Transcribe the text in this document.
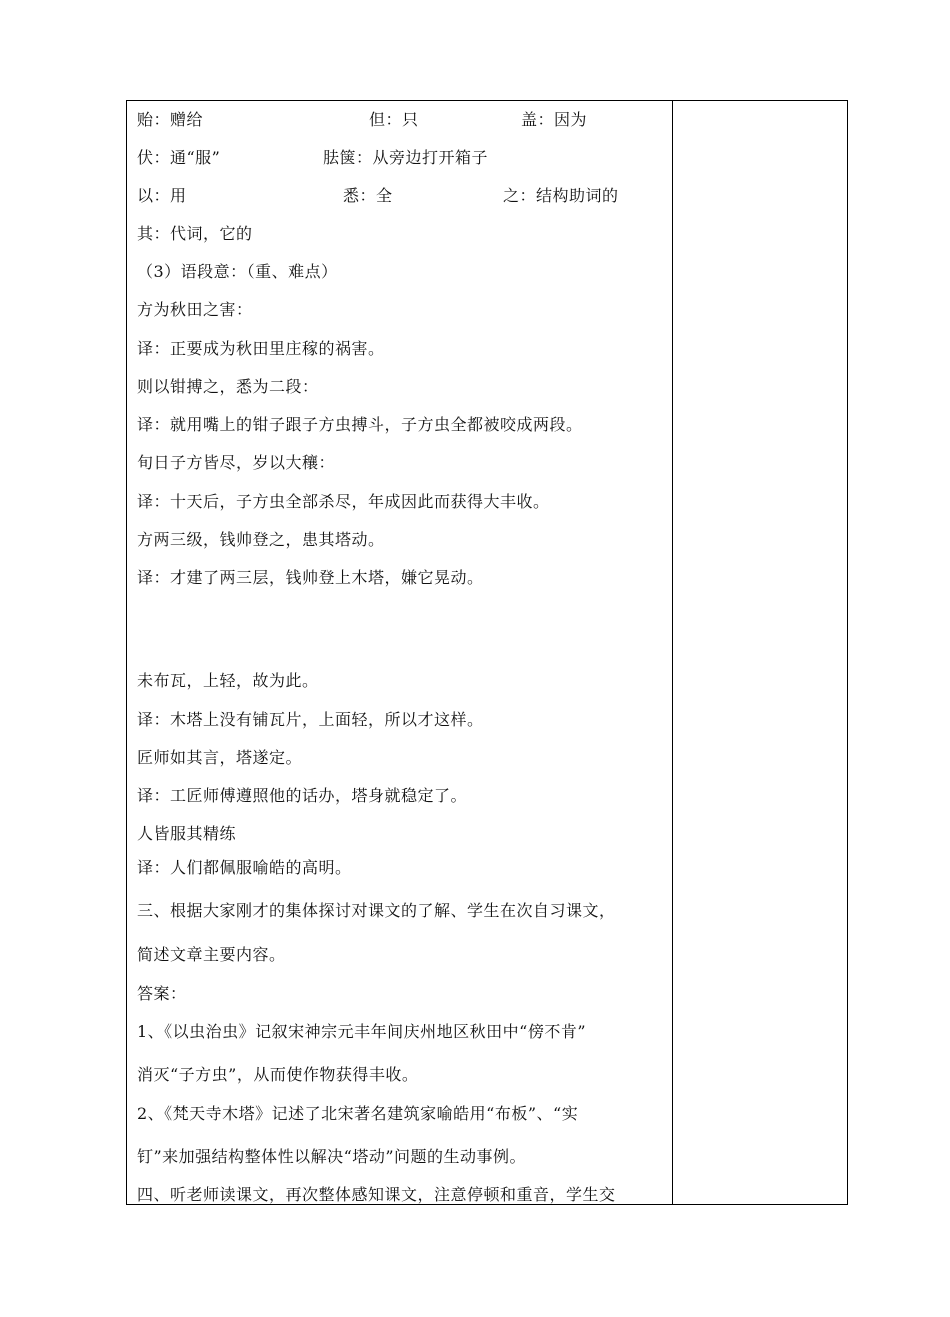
贻：赠给	但：只	盖：因为
伏：通“服”	胠箧：从旁边打开箱子
以：用	悉：全	之：结构助词的
其：代词，它的
（3）语段意：（重、难点）
方为秋田之害：
译：正要成为秋田里庄稼的祸害。
则以钳搏之，悉为二段：
译：就用嘴上的钳子跟子方虫搏斗，子方虫全都被咬成两段。
旬日子方皆尽，岁以大穰：
译：十天后，子方虫全部杀尽，年成因此而获得大丰收。
方两三级，钱帅登之，患其塔动。
译：才建了两三层，钱帅登上木塔，嫌它晃动。
未布瓦，上轻，故为此。
译：木塔上没有铺瓦片，上面轻，所以才这样。
匠师如其言，塔遂定。
译：工匠师傅遵照他的话办，塔身就稳定了。
人皆服其精练
译：人们都佩服喻皓的高明。
三、根据大家刚才的集体探讨对课文的了解、学生在次自习课文，
简述文章主要内容。
答案：
1、《以虫治虫》记叙宋神宗元丰年间庆州地区秋田中“傍不肯”
消灭“子方虫”，从而使作物获得丰收。
2、《梵天寺木塔》记述了北宋著名建筑家喻皓用“布板”、“实
钉”来加强结构整体性以解决“塔动”问题的生动事例。
四、听老师读课文，再次整体感知课文，注意停顿和重音，学生交
